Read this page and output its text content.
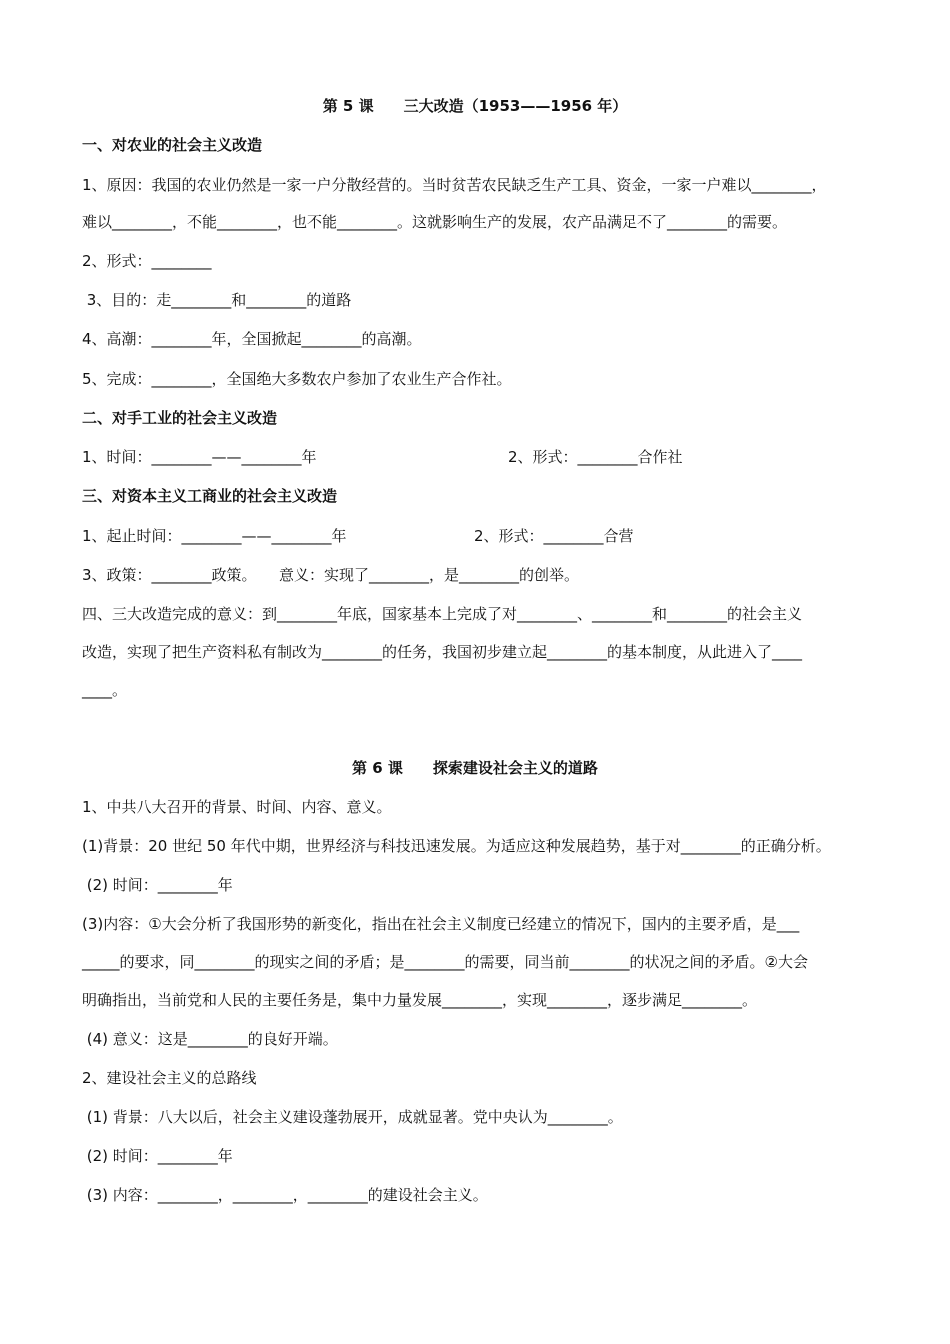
第 5 课　　三大改造（1953——1956 年）
一、对农业的社会主义改造
1、原因：我国的农业仍然是一家一户分散经营的。当时贫苦农民缺乏生产工具、资金，一家一户难以________，
难以________，不能________，也不能________。这就影响生产的发展，农产品满足不了________的需要。
2、形式：________
3、目的：走________和________的道路
4、高潮：________年，全国掀起________的高潮。
5、完成：________，全国绝大多数农户参加了农业生产合作社。
二、对手工业的社会主义改造
1、时间：________——________年	2、形式：________合作社
三、对资本主义工商业的社会主义改造
1、起止时间：________——________年	2、形式：________合营
3、政策：________政策。　　意义：实现了________，是________的创举。
四、三大改造完成的意义：到________年底，国家基本上完成了对________、________和________的社会主义
改造，实现了把生产资料私有制改为________的任务，我国初步建立起________的基本制度，从此进入了____
____。
第 6 课　　探索建设社会主义的道路
1、中共八大召开的背景、时间、内容、意义。
(1)背景：20 世纪 50 年代中期，世界经济与科技迅速发展。为适应这种发展趋势，基于对________的正确分析。
(2) 时间：________年
(3)内容：①大会分析了我国形势的新变化，指出在社会主义制度已经建立的情况下，国内的主要矛盾，是___
_____的要求，同________的现实之间的矛盾；是________的需要，同当前________的状况之间的矛盾。②大会
明确指出，当前党和人民的主要任务是，集中力量发展________，实现________，逐步满足________。
(4) 意义：这是________的良好开端。
2、建设社会主义的总路线
(1) 背景：八大以后，社会主义建设蓬勃展开，成就显著。党中央认为________。
(2) 时间：________年
(3) 内容：________，________，________的建设社会主义。
